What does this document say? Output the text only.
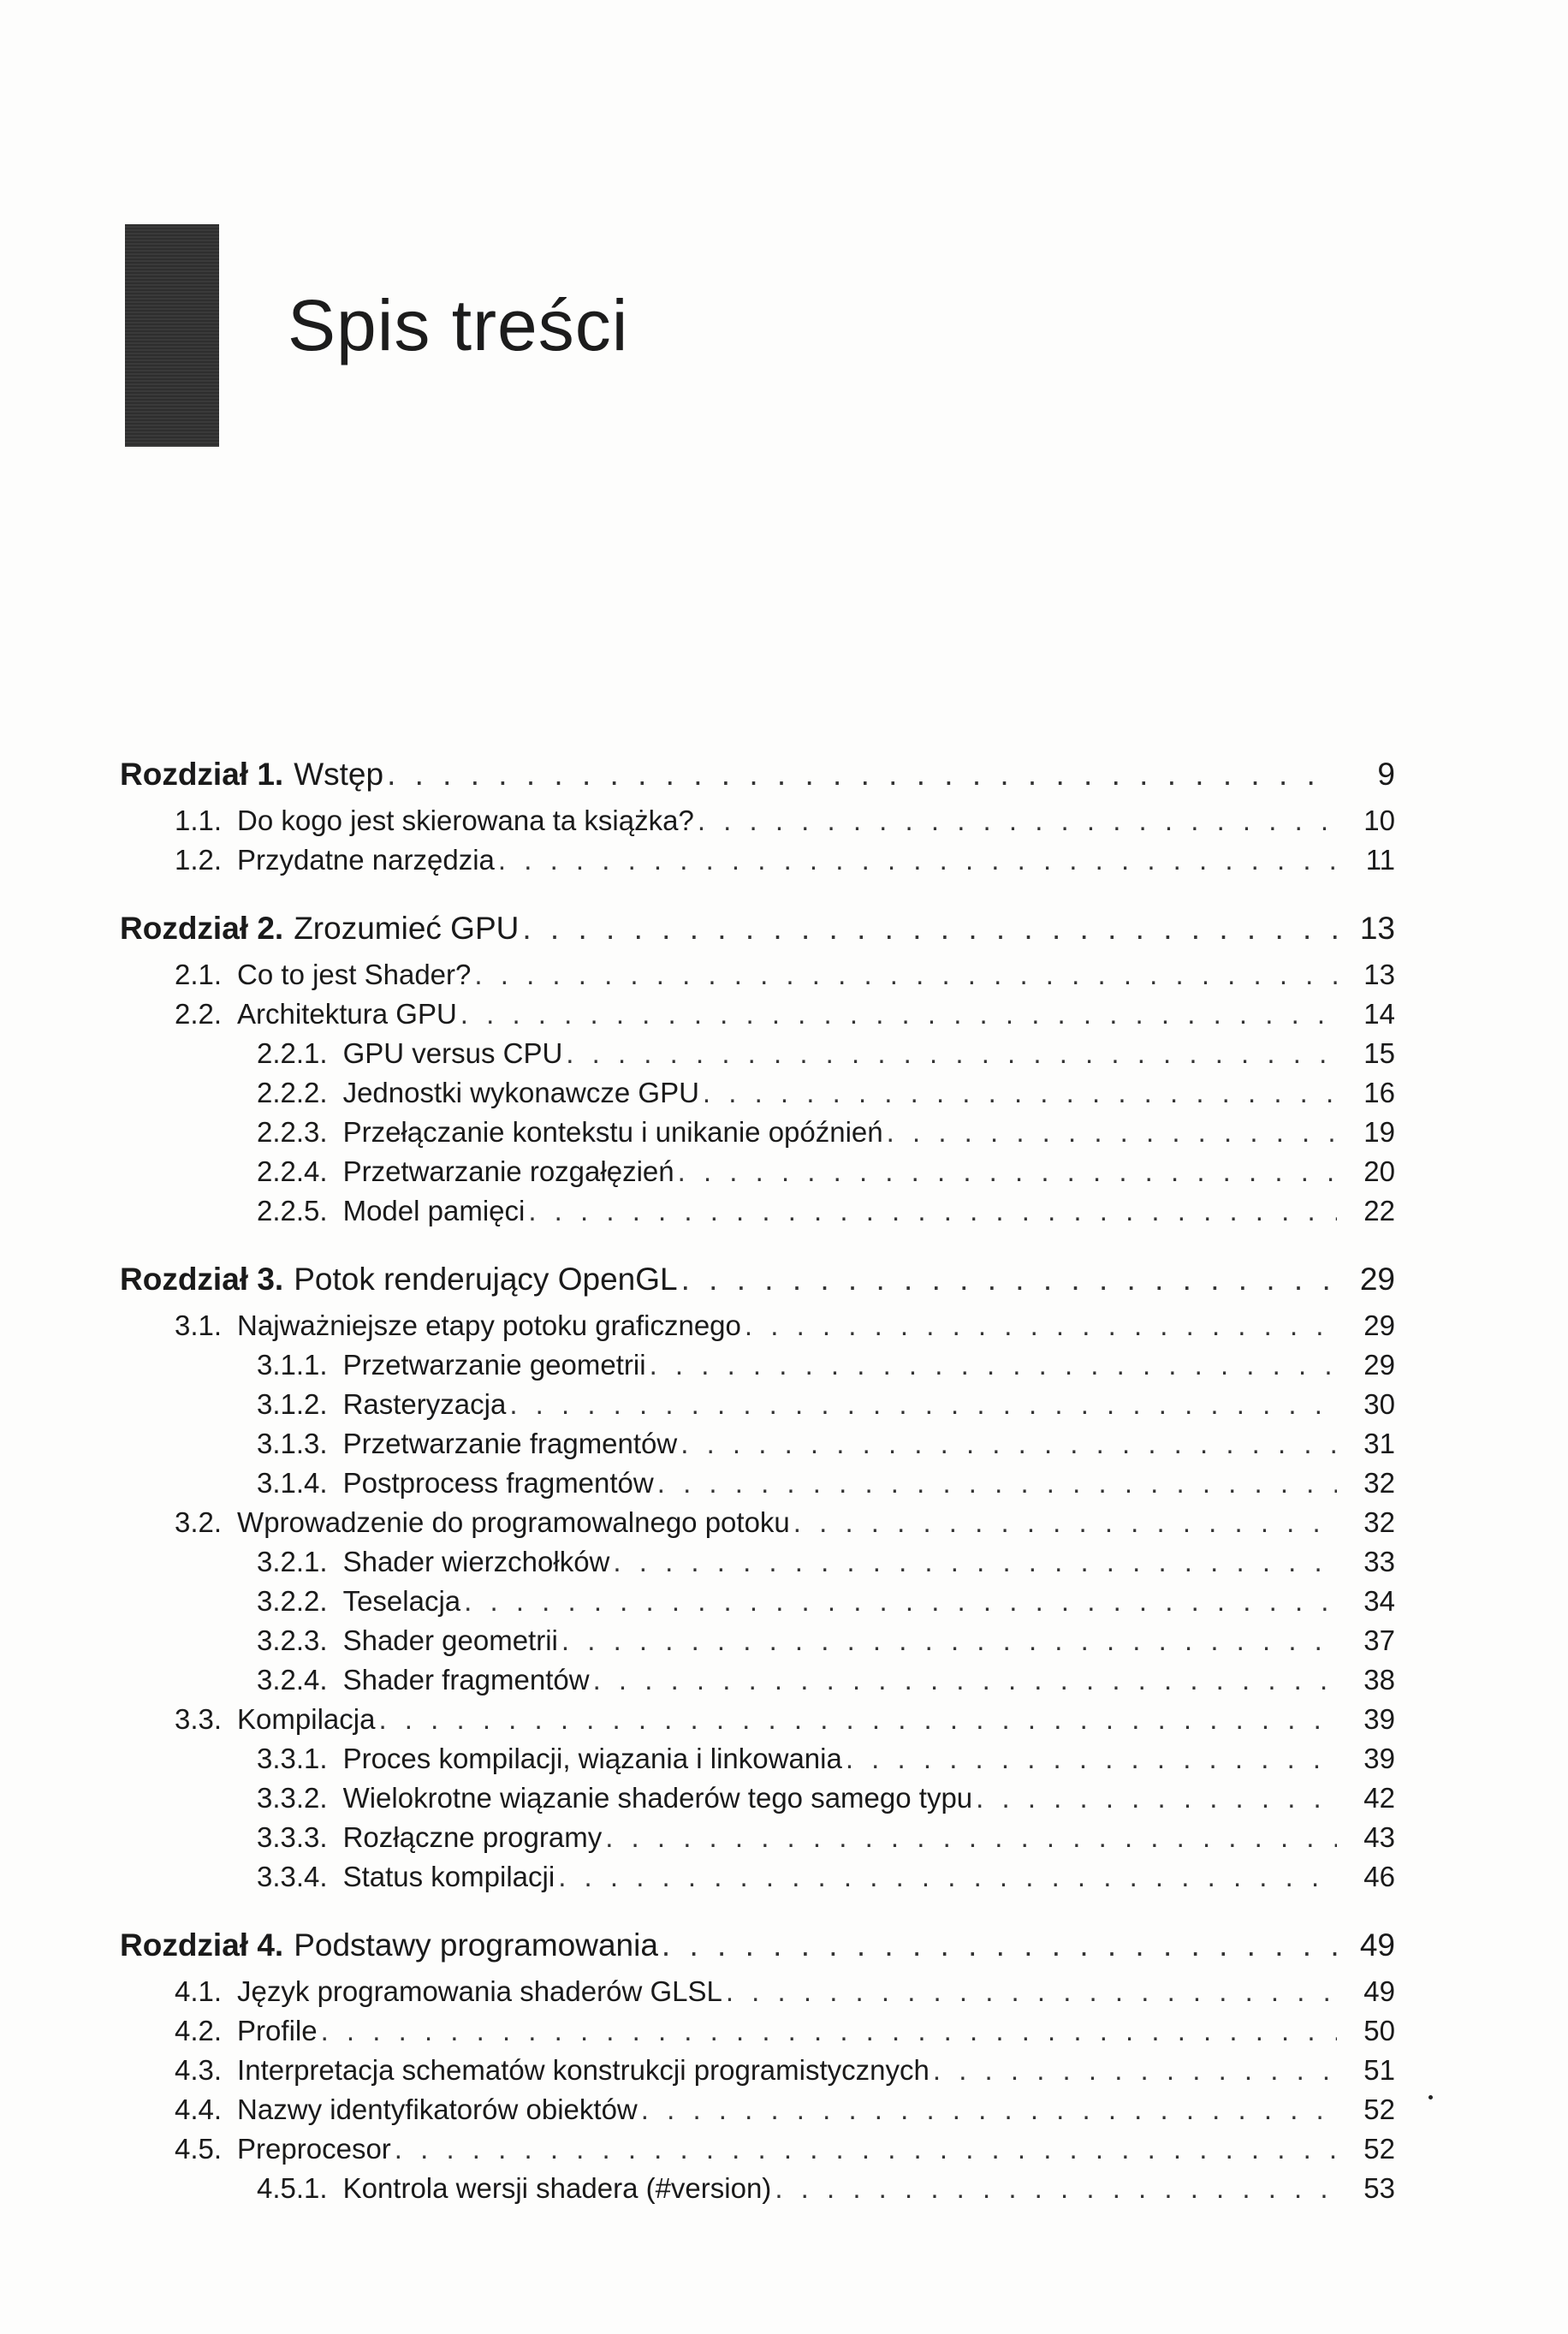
Spis treści
Rozdział 1. Wstęp . . .	9
1.1. Do kogo jest skierowana ta książka? . . .	10
1.2. Przydatne narzędzia . . .	11
Rozdział 2. Zrozumieć GPU . . .	13
2.1. Co to jest Shader? . . .	13
2.2. Architektura GPU . . .	14
2.2.1. GPU versus CPU . . .	15
2.2.2. Jednostki wykonawcze GPU . . .	16
2.2.3. Przełączanie kontekstu i unikanie opóźnień . . .	19
2.2.4. Przetwarzanie rozgałęzień . . .	20
2.2.5. Model pamięci . . .	22
Rozdział 3. Potok renderujący OpenGL . . .	29
3.1. Najważniejsze etapy potoku graficznego . . .	29
3.1.1. Przetwarzanie geometrii . . .	29
3.1.2. Rasteryzacja . . .	30
3.1.3. Przetwarzanie fragmentów . . .	31
3.1.4. Postprocess fragmentów . . .	32
3.2. Wprowadzenie do programowalnego potoku . . .	32
3.2.1. Shader wierzchołków . . .	33
3.2.2. Teselacja . . .	34
3.2.3. Shader geometrii . . .	37
3.2.4. Shader fragmentów . . .	38
3.3. Kompilacja . . .	39
3.3.1. Proces kompilacji, wiązania i linkowania . . .	39
3.3.2. Wielokrotne wiązanie shaderów tego samego typu . . .	42
3.3.3. Rozłączne programy . . .	43
3.3.4. Status kompilacji . . .	46
Rozdział 4. Podstawy programowania . . .	49
4.1. Język programowania shaderów GLSL . . .	49
4.2. Profile . . .	50
4.3. Interpretacja schematów konstrukcji programistycznych . . .	51
4.4. Nazwy identyfikatorów obiektów . . .	52
4.5. Preprocesor . . .	52
4.5.1. Kontrola wersji shadera (#version) . . .	53
